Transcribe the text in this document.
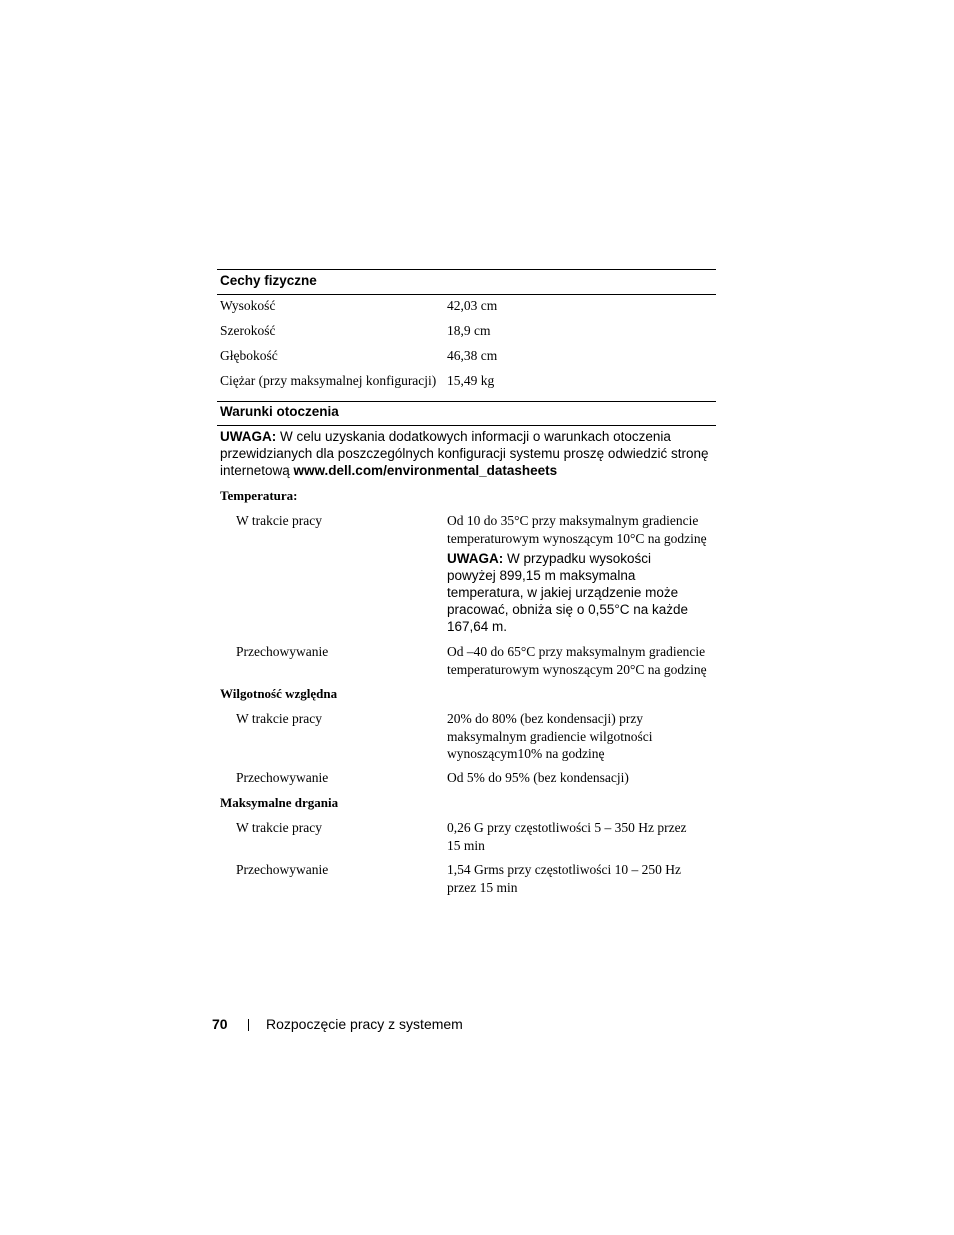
Cechy fizyczne
Wysokość	42,03 cm
Szerokość	18,9 cm
Głębokość	46,38 cm
Ciężar (przy maksymalnej konfiguracji) 15,49 kg
Warunki otoczenia
UWAGA: W celu uzyskania dodatkowych informacji o warunkach otoczenia przewidzianych dla poszczególnych konfiguracji systemu proszę odwiedzić stronę internetową www.dell.com/environmental_datasheets
Temperatura:
W trakcie pracy	Od 10 do 35°C przy maksymalnym gradiencie temperaturowym wynoszącym 10°C na godzinę
UWAGA: W przypadku wysokości powyżej 899,15 m maksymalna temperatura, w jakiej urządzenie może pracować, obniża się o 0,55°C na każde 167,64 m.
Przechowywanie	Od –40 do 65°C przy maksymalnym gradiencie temperaturowym wynoszącym 20°C na godzinę
Wilgotność względna
W trakcie pracy	20% do 80% (bez kondensacji) przy maksymalnym gradiencie wilgotności wynoszącym10% na godzinę
Przechowywanie	Od 5% do 95% (bez kondensacji)
Maksymalne drgania
W trakcie pracy	0,26 G przy częstotliwości 5 – 350 Hz przez 15 min
Przechowywanie	1,54 Grms przy częstotliwości 10 – 250 Hz przez 15 min
70	Rozpoczęcie pracy z systemem
